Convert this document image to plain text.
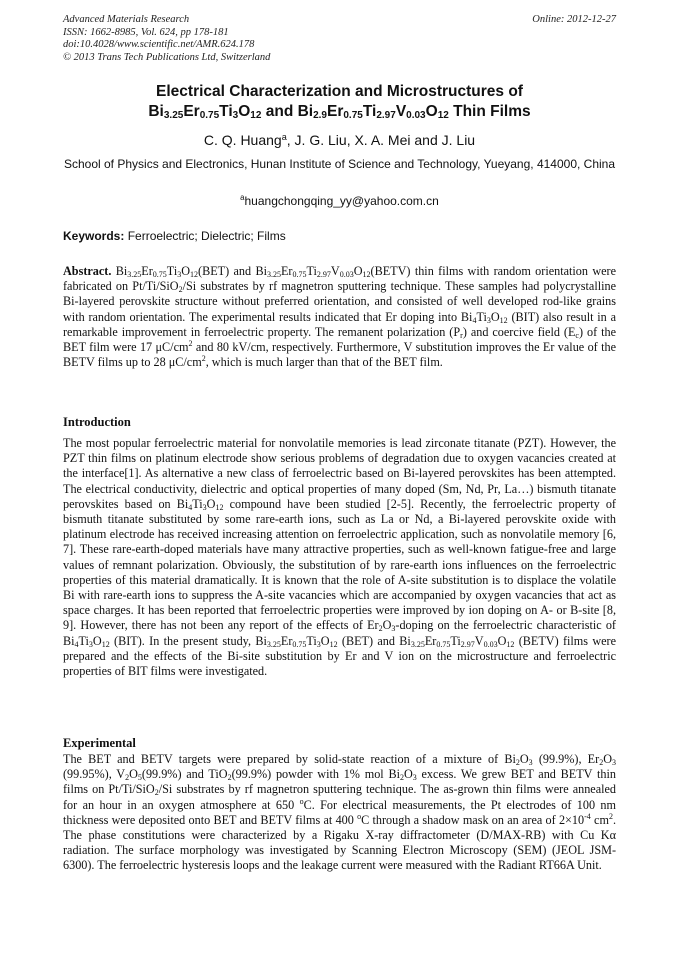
Advanced Materials Research
ISSN: 1662-8985, Vol. 624, pp 178-181
doi:10.4028/www.scientific.net/AMR.624.178
© 2013 Trans Tech Publications Ltd, Switzerland
Online: 2012-12-27
Electrical Characterization and Microstructures of
$Bi_{3.25}Er_{0.75}Ti_3O_{12}$ and $Bi_{2.9}Er_{0.75}Ti_{2.97}V_{0.03}O_{12}$ Thin Films
C. Q. Huang$^a$, J. G. Liu, X. A. Mei and J. Liu
School of Physics and Electronics, Hunan Institute of Science and Technology, Yueyang, 414000, China
$^a$huangchongqing_yy@yahoo.com.cn
Keywords: Ferroelectric; Dielectric; Films
Abstract. $Bi_{3.25}Er_{0.75}Ti_3O_{12}(BET)$ and $Bi_{3.25}Er_{0.75}Ti_{2.97}V_{0.03}O_{12}(BETV)$ thin films with random orientation were fabricated on Pt/Ti/SiO$_2$/Si substrates by rf magnetron sputtering technique. These samples had polycrystalline Bi-layered perovskite structure without preferred orientation, and consisted of well developed rod-like grains with random orientation. The experimental results indicated that Er doping into $Bi_4Ti_3O_{12}$ (BIT) also result in a remarkable improvement in ferroelectric property. The remanent polarization $(P_r)$ and coercive field $(E_c)$ of the BET film were 17 $\mu C/cm^2$ and 80 kV/cm, respectively. Furthermore, V substitution improves the Er value of the BETV films up to 28 $\mu C/cm^2$, which is much larger than that of the BET film.
Introduction
The most popular ferroelectric material for nonvolatile memories is lead zirconate titanate (PZT). However, the PZT thin films on platinum electrode show serious problems of degradation due to oxygen vacancies created at the interface[1]. As alternative a new class of ferroelectric based on Bi-layered perovskites has been attempted. The electrical conductivity, dielectric and optical properties of many doped (Sm, Nd, Pr, La…) bismuth titanate perovskites based on $Bi_4Ti_3O_{12}$ compound have been studied [2-5]. Recently, the ferroelectric property of bismuth titanate substituted by some rare-earth ions, such as La or Nd, a Bi-layered perovskite oxide with platinum electrode has received increasing attention on ferroelectric application, such as nonvolatile memory [6, 7]. These rare-earth-doped materials have many attractive properties, such as well-known fatigue-free and large values of remnant polarization. Obviously, the substitution of by rare-earth ions influences on the ferroelectric properties of this material dramatically. It is known that the role of A-site substitution is to displace the volatile Bi with rare-earth ions to suppress the A-site vacancies which are accompanied by oxygen vacancies that act as space charges. It has been reported that ferroelectric properties were improved by ion doping on A- or B-site [8, 9]. However, there has not been any report of the effects of $Er_2O_3$-doping on the ferroelectric characteristic of $Bi_4Ti_3O_{12}$ (BIT). In the present study, $Bi_{3.25}Er_{0.75}Ti_3O_{12}$ (BET) and $Bi_{3.25}Er_{0.75}Ti_{2.97}V_{0.03}O_{12}$ (BETV) films were prepared and the effects of the Bi-site substitution by Er and V ion on the microstructure and ferroelectric properties of BIT films were investigated.
Experimental
The BET and BETV targets were prepared by solid-state reaction of a mixture of $Bi_2O_3$ (99.9%), $Er_2O_3$ (99.95%), $V_2O_5(99.9\%)$ and TiO$_2$(99.9%) powder with 1% mol $Bi_2O_3$ excess. We grew BET and BETV thin films on Pt/Ti/SiO$_2$/Si substrates by rf magnetron sputtering technique. The as-grown thin films were annealed for an hour in an oxygen atmosphere at 650 $^o$C. For electrical measurements, the Pt electrodes of 100 nm thickness were deposited onto BET and BETV films at 400 $^o$C through a shadow mask on an area of $2\times 10^{-4}$ $cm^2$. The phase constitutions were characterized by a Rigaku X-ray diffractometer (D/MAX-RB) with Cu Kα radiation. The surface morphology was investigated by Scanning Electron Microscopy (SEM) (JEOL JSM-6300). The ferroelectric hysteresis loops and the leakage current were measured with the Radiant RT66A Unit.
